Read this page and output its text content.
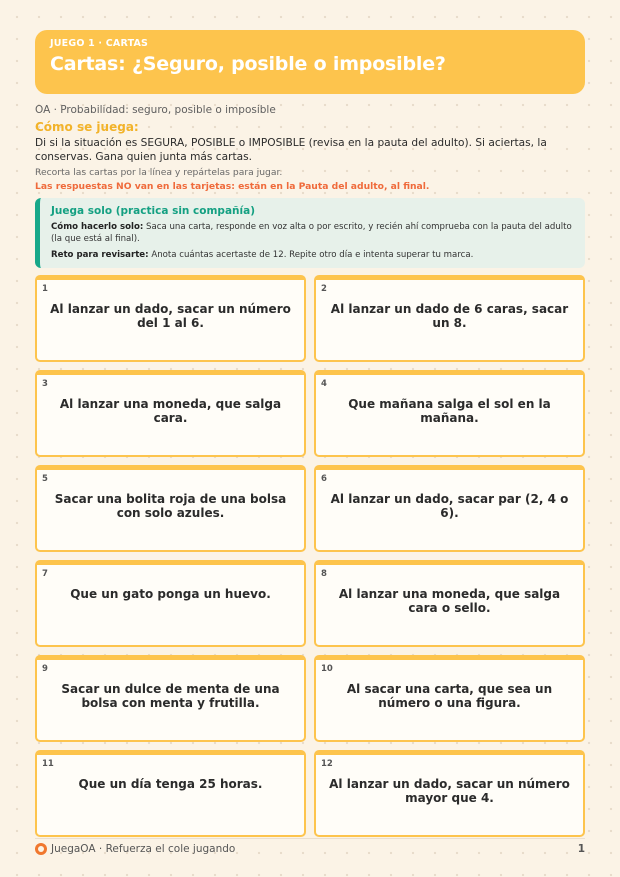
JUEGO 1 · CARTAS
Cartas: ¿Seguro, posible o imposible?
OA · Probabilidad: seguro, posible o imposible
Cómo se juega:
Di si la situación es SEGURA, POSIBLE o IMPOSIBLE (revisa en la pauta del adulto). Si aciertas, la conservas. Gana quien junta más cartas.
Recorta las cartas por la línea y repártelas para jugar.
Las respuestas NO van en las tarjetas: están en la Pauta del adulto, al final.
Juega solo (practica sin compañía)
Cómo hacerlo solo: Saca una carta, responde en voz alta o por escrito, y recién ahí comprueba con la pauta del adulto (la que está al final).
Reto para revisarte: Anota cuántas acertaste de 12. Repite otro día e intenta superar tu marca.
1
Al lanzar un dado, sacar un número del 1 al 6.
2
Al lanzar un dado de 6 caras, sacar un 8.
3
Al lanzar una moneda, que salga cara.
4
Que mañana salga el sol en la mañana.
5
Sacar una bolita roja de una bolsa con solo azules.
6
Al lanzar un dado, sacar par (2, 4 o 6).
7
Que un gato ponga un huevo.
8
Al lanzar una moneda, que salga cara o sello.
9
Sacar un dulce de menta de una bolsa con menta y frutilla.
10
Al sacar una carta, que sea un número o una figura.
11
Que un día tenga 25 horas.
12
Al lanzar un dado, sacar un número mayor que 4.
JuegaOA · Refuerza el cole jugando	1
